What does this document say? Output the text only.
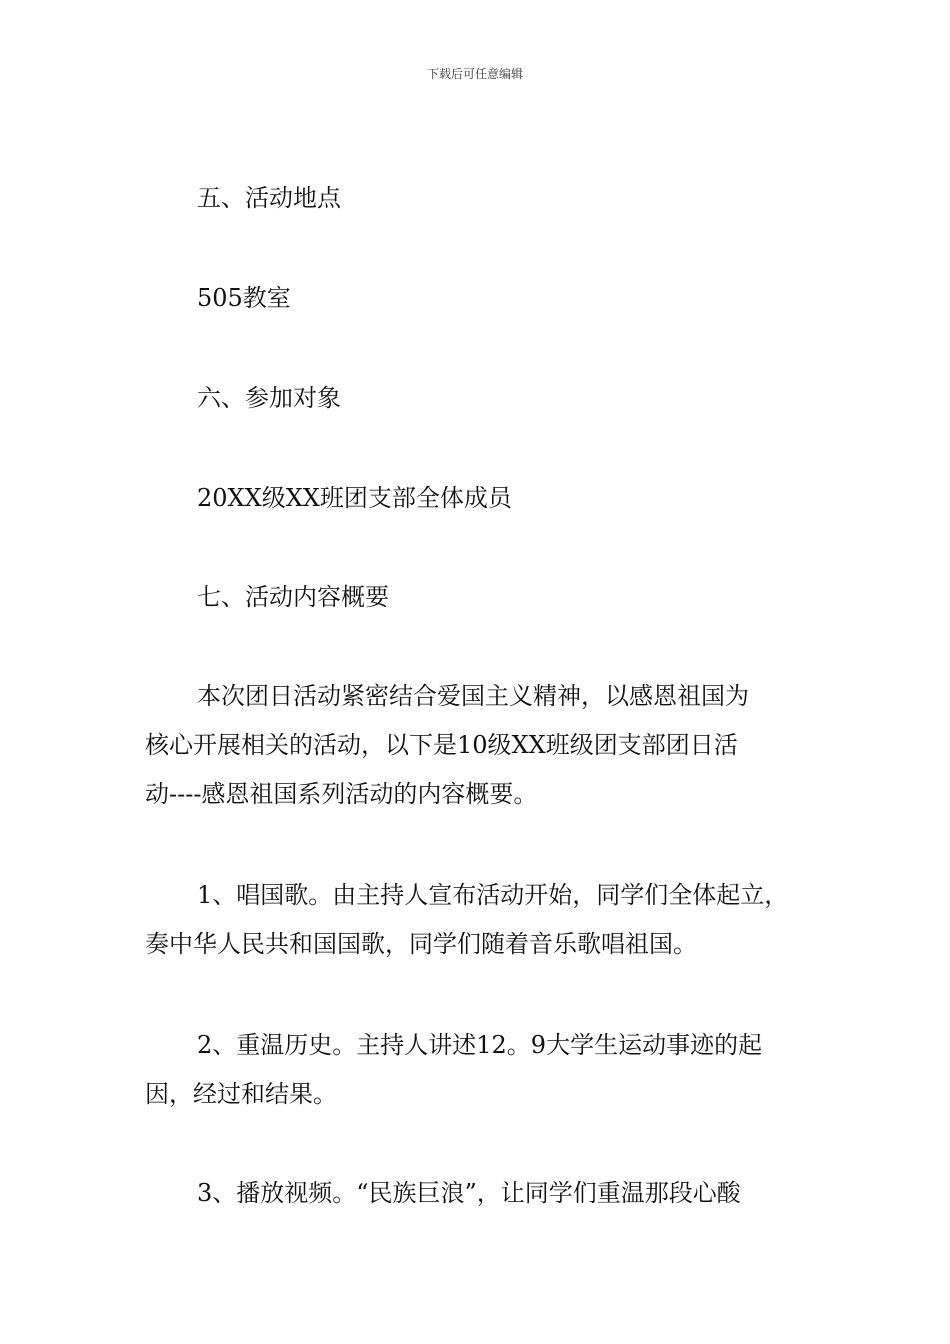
下载后可任意编辑
五、活动地点
505教室
六、参加对象
20XX级XX班团支部全体成员
七、活动内容概要
本次团日活动紧密结合爱国主义精神，以感恩祖国为
核心开展相关的活动，以下是10级XX班级团支部团日活
动----感恩祖国系列活动的内容概要。
1、唱国歌。由主持人宣布活动开始，同学们全体起立，
奏中华人民共和国国歌，同学们随着音乐歌唱祖国。
2、重温历史。主持人讲述12。9大学生运动事迹的起
因，经过和结果。
3、播放视频。“民族巨浪”，让同学们重温那段心酸
